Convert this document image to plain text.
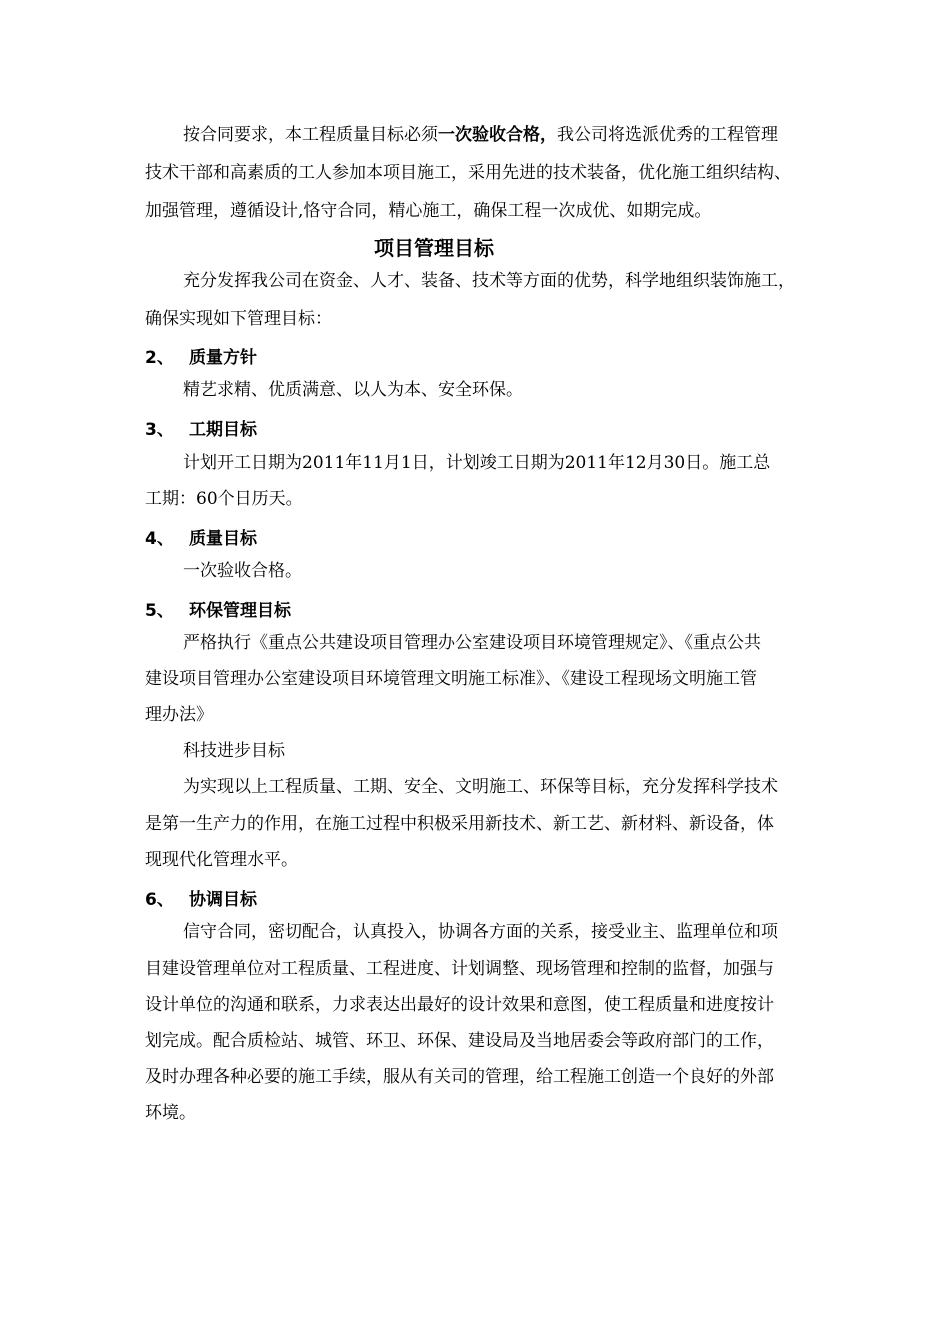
按合同要求，本工程质量目标必须一次验收合格，我公司将选派优秀的工程管理
技术干部和高素质的工人参加本项目施工，采用先进的技术装备，优化施工组织结构、
加强管理，遵循设计,恪守合同，精心施工，确保工程一次成优、如期完成。
项目管理目标
充分发挥我公司在资金、人才、装备、技术等方面的优势，科学地组织装饰施工，
确保实现如下管理目标：
2、 质量方针
精艺求精、优质满意、以人为本、安全环保。
3、 工期目标
计划开工日期为2011年11月1日，计划竣工日期为2011年12月30日。施工总
工期：60个日历天。
4、 质量目标
一次验收合格。
5、 环保管理目标
严格执行《重点公共建设项目管理办公室建设项目环境管理规定》、《重点公共
建设项目管理办公室建设项目环境管理文明施工标准》、《建设工程现场文明施工管
理办法》
科技进步目标
为实现以上工程质量、工期、安全、文明施工、环保等目标，充分发挥科学技术
是第一生产力的作用，在施工过程中积极采用新技术、新工艺、新材料、新设备，体
现现代化管理水平。
6、 协调目标
信守合同，密切配合，认真投入，协调各方面的关系，接受业主、监理单位和项
目建设管理单位对工程质量、工程进度、计划调整、现场管理和控制的监督，加强与
设计单位的沟通和联系，力求表达出最好的设计效果和意图，使工程质量和进度按计
划完成。配合质检站、城管、环卫、环保、建设局及当地居委会等政府部门的工作，
及时办理各种必要的施工手续，服从有关司的管理，给工程施工创造一个良好的外部
环境。
